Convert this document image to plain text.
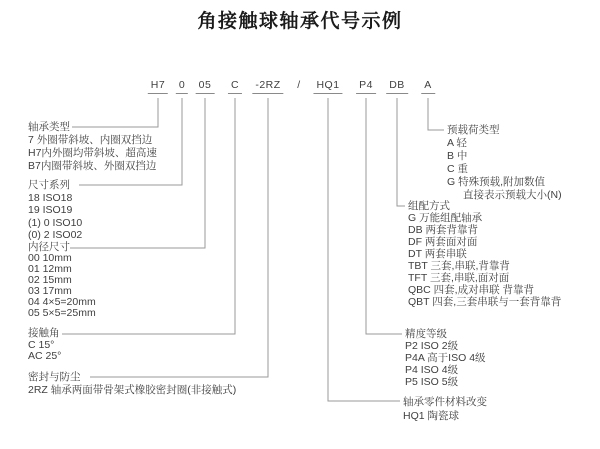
角接触球轴承代号示例
H7 0 05 C -2RZ / HQ1 P4 DB A
轴承类型
7 外圈带斜坡、内圈双挡边
H7内外圈均带斜坡、超高速
B7内圈带斜坡、外圈双挡边
尺寸系列
18 ISO18
19 ISO19
(1) 0 ISO10
(0) 2 ISO02
内径尺寸
00 10mm
01 12mm
02 15mm
03 17mm
04 4×5=20mm
05 5×5=25mm
接触角
C 15°
AC 25°
密封与防尘
2RZ 轴承两面带骨架式橡胶密封圈(非接触式)
预载荷类型
A 轻
B 中
C 重
G 特殊预载,附加数值
直接表示预载大小(N)
组配方式
G 万能组配轴承
DB 两套背靠背
DF 两套面对面
DT 两套串联
TBT 三套,串联,背靠背
TFT 三套,串联,面对面
QBC 四套,成对串联 背靠背
QBT 四套,三套串联与一套背靠背
精度等级
P2 ISO 2级
P4A 高于ISO 4级
P4 ISO 4级
P5 ISO 5级
轴承零件材料改变
HQ1 陶瓷球
